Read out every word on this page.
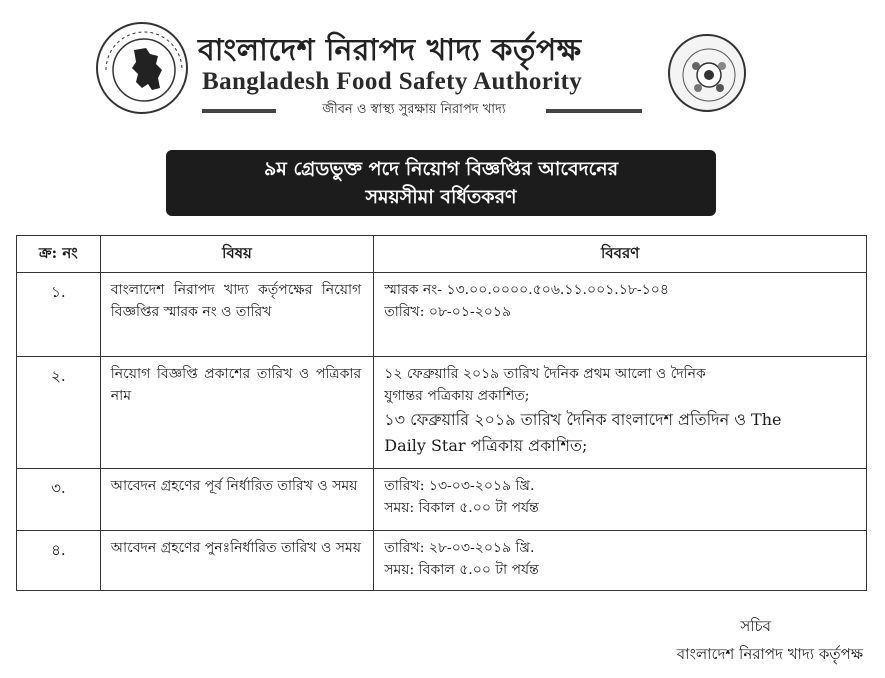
বাংলাদেশ নিরাপদ খাদ্য কর্তৃপক্ষ
Bangladesh Food Safety Authority
জীবন ও স্বাস্থ্য সুরক্ষায় নিরাপদ খাদ্য
৯ম গ্রেডভুক্ত পদে নিয়োগ বিজ্ঞপ্তির আবেদনের
সময়সীমা বর্ধিতকরণ
ক্র: নং	বিষয়	বিবরণ
১.	বাংলাদেশ নিরাপদ খাদ্য কর্তৃপক্ষের নিয়োগ বিজ্ঞপ্তির স্মারক নং ও তারিখ	স্মারক নং- ১৩.০০.০০০০.৫০৬.১১.০০১.১৮-১০৪
তারিখ: ০৮-০১-২০১৯

২.	নিয়োগ বিজ্ঞপ্তি প্রকাশের তারিখ ও পত্রিকার নাম	১২ ফেব্রুয়ারি ২০১৯ তারিখ দৈনিক প্রথম আলো ও দৈনিক
যুগান্তর পত্রিকায় প্রকাশিত;
১৩ ফেব্রুয়ারি ২০১৯ তারিখ দৈনিক বাংলাদেশ প্রতিদিন ও The
Daily Star পত্রিকায় প্রকাশিত;

৩.	আবেদন গ্রহণের পূর্ব নির্ধারিত তারিখ ও সময়	তারিখ: ১৩-০৩-২০১৯ খ্রি.
সময়: বিকাল ৫.০০ টা পর্যন্ত

৪.	আবেদন গ্রহণের পুনঃনির্ধারিত তারিখ ও সময়	তারিখ: ২৮-০৩-২০১৯ খ্রি.
সময়: বিকাল ৫.০০ টা পর্যন্ত
সচিব
বাংলাদেশ নিরাপদ খাদ্য কর্তৃপক্ষ
